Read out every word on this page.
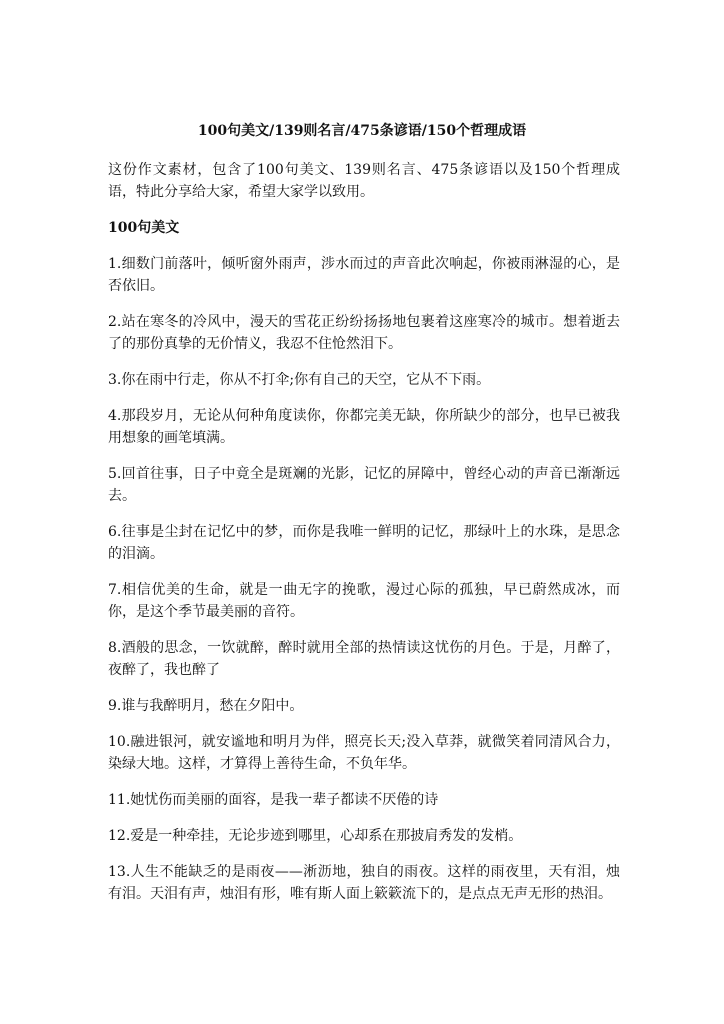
100句美文/139则名言/475条谚语/150个哲理成语

这份作文素材，包含了100句美文、139则名言、475条谚语以及150个哲理成语，特此分享给大家，希望大家学以致用。

100句美文

1.细数门前落叶，倾听窗外雨声，涉水而过的声音此次响起，你被雨淋湿的心，是否依旧。

2.站在寒冬的冷风中，漫天的雪花正纷纷扬扬地包裹着这座寒冷的城市。想着逝去了的那份真挚的无价情义，我忍不住怆然泪下。

3.你在雨中行走，你从不打伞;你有自己的天空，它从不下雨。

4.那段岁月，无论从何种角度读你，你都完美无缺，你所缺少的部分，也早已被我用想象的画笔填满。

5.回首往事，日子中竟全是斑斓的光影，记忆的屏障中，曾经心动的声音已渐渐远去。

6.往事是尘封在记忆中的梦，而你是我唯一鲜明的记忆，那绿叶上的水珠，是思念的泪滴。

7.相信优美的生命，就是一曲无字的挽歌，漫过心际的孤独，早已蔚然成冰，而你，是这个季节最美丽的音符。

8.酒般的思念，一饮就醉，醉时就用全部的热情读这忧伤的月色。于是，月醉了，夜醉了，我也醉了

9.谁与我醉明月，愁在夕阳中。

10.融进银河，就安谧地和明月为伴，照亮长天;没入草莽，就微笑着同清风合力，染绿大地。这样，才算得上善待生命，不负年华。

11.她忧伤而美丽的面容，是我一辈子都读不厌倦的诗

12.爱是一种牵挂，无论步迹到哪里，心却系在那披肩秀发的发梢。

13.人生不能缺乏的是雨夜——淅沥地，独自的雨夜。这样的雨夜里，天有泪，烛有泪。天泪有声，烛泪有形，唯有斯人面上簌簌流下的，是点点无声无形的热泪。
